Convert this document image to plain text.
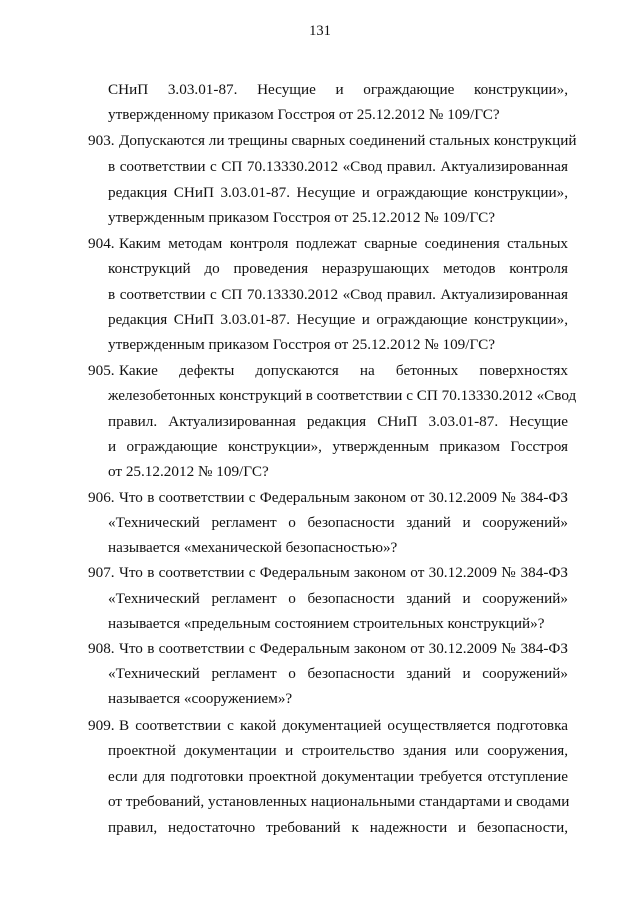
131
СНиП 3.03.01-87. Несущие и ограждающие конструкции»,
утвержденному приказом Госстроя от 25.12.2012 № 109/ГС?
903. Допускаются ли трещины сварных соединений стальных конструкций
в соответствии с СП 70.13330.2012 «Свод правил. Актуализированная
редакция СНиП 3.03.01-87. Несущие и ограждающие конструкции»,
утвержденным приказом Госстроя от 25.12.2012 № 109/ГС?
904. Каким методам контроля подлежат сварные соединения стальных
конструкций до проведения неразрушающих методов контроля
в соответствии с СП 70.13330.2012 «Свод правил. Актуализированная
редакция СНиП 3.03.01-87. Несущие и ограждающие конструкции»,
утвержденным приказом Госстроя от 25.12.2012 № 109/ГС?
905. Какие дефекты допускаются на бетонных поверхностях
железобетонных конструкций в соответствии с СП 70.13330.2012 «Свод
правил. Актуализированная редакция СНиП 3.03.01-87. Несущие
и ограждающие конструкции», утвержденным приказом Госстроя
от 25.12.2012 № 109/ГС?
906. Что в соответствии с Федеральным законом от 30.12.2009 № 384-ФЗ
«Технический регламент о безопасности зданий и сооружений»
называется «механической безопасностью»?
907. Что в соответствии с Федеральным законом от 30.12.2009 № 384-ФЗ
«Технический регламент о безопасности зданий и сооружений»
называется «предельным состоянием строительных конструкций»?
908. Что в соответствии с Федеральным законом от 30.12.2009 № 384-ФЗ
«Технический регламент о безопасности зданий и сооружений»
называется «сооружением»?
909. В соответствии с какой документацией осуществляется подготовка
проектной документации и строительство здания или сооружения,
если для подготовки проектной документации требуется отступление
от требований, установленных национальными стандартами и сводами
правил, недостаточно требований к надежности и безопасности,
